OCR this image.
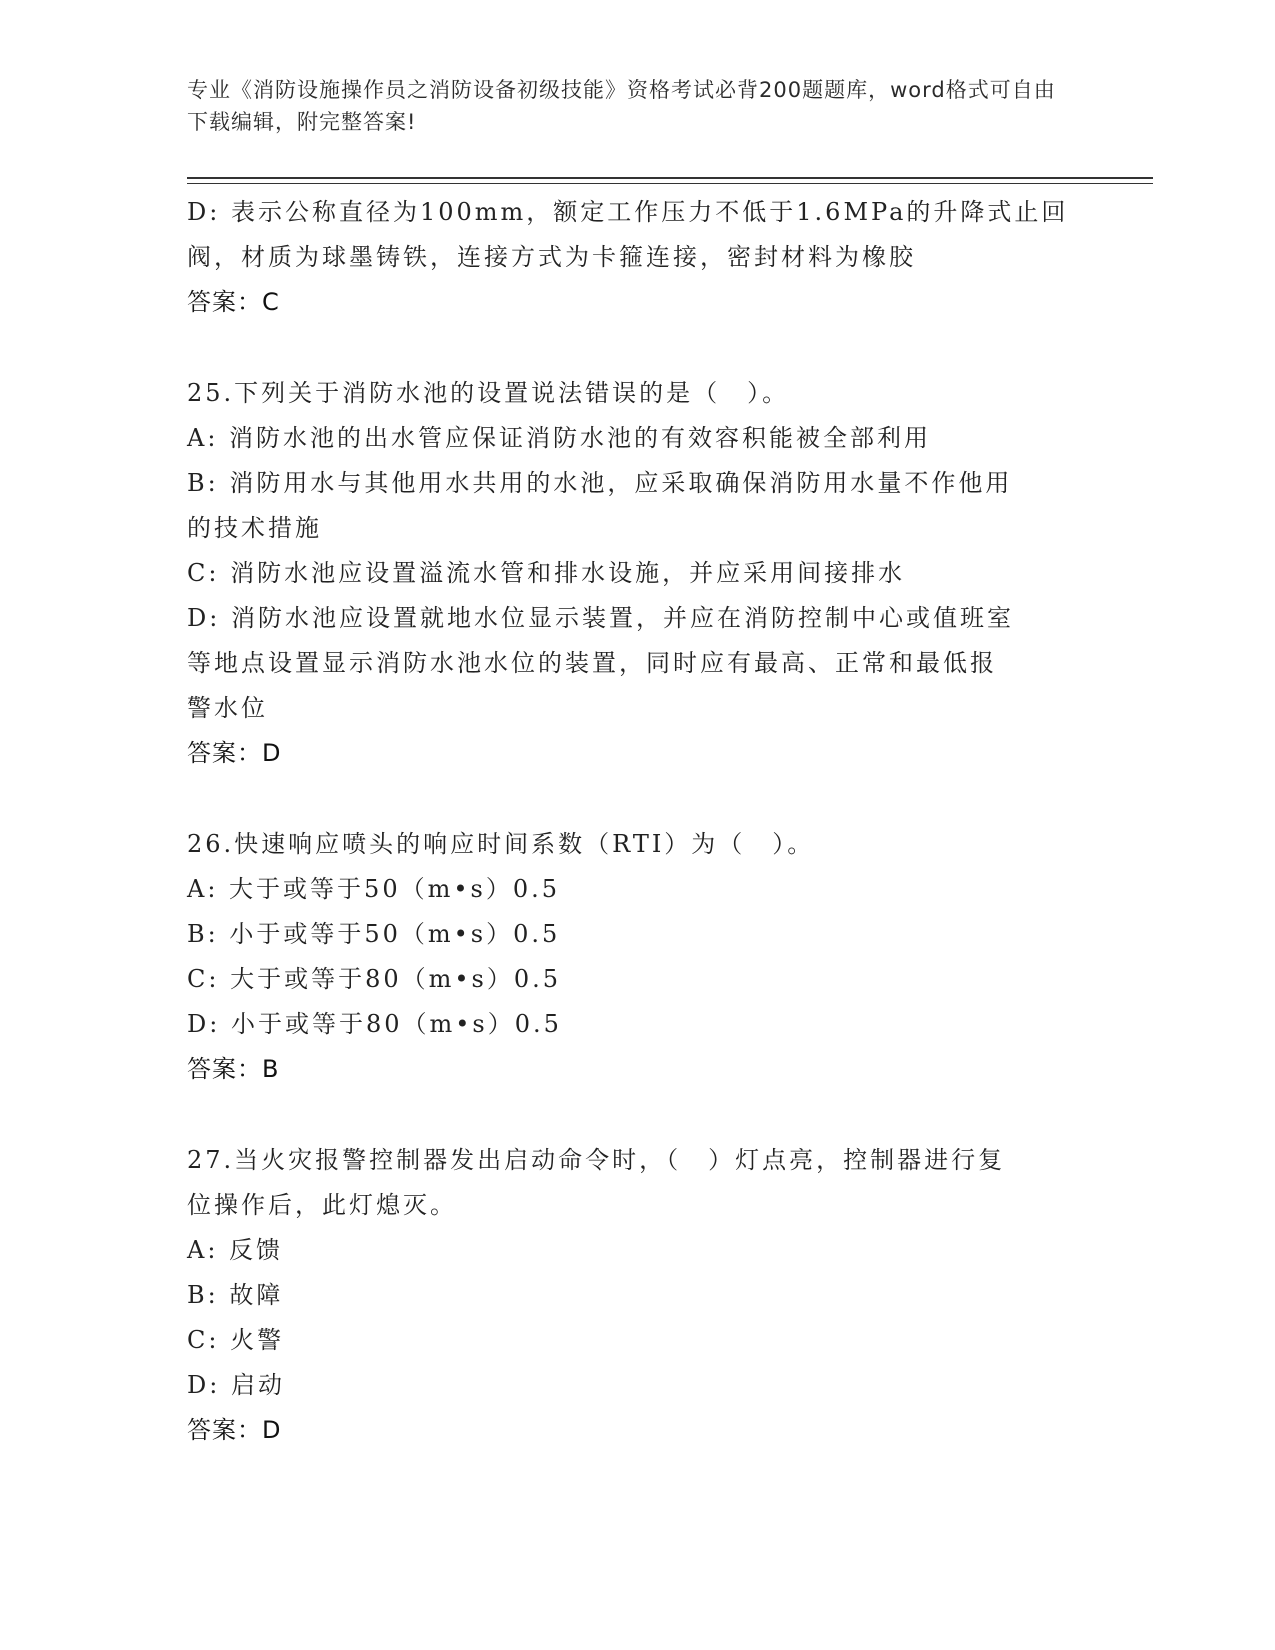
专业《消防设施操作员之消防设备初级技能》资格考试必背200题题库，word格式可自由下载编辑，附完整答案!
D: 表示公称直径为100mm，额定工作压力不低于1.6MPa的升降式止回
阀，材质为球墨铸铁，连接方式为卡箍连接，密封材料为橡胶
答案：C
25.下列关于消防水池的设置说法错误的是（　）。
A: 消防水池的出水管应保证消防水池的有效容积能被全部利用
B: 消防用水与其他用水共用的水池，应采取确保消防用水量不作他用
的技术措施
C: 消防水池应设置溢流水管和排水设施，并应采用间接排水
D: 消防水池应设置就地水位显示装置，并应在消防控制中心或值班室
等地点设置显示消防水池水位的装置，同时应有最高、正常和最低报
警水位
答案：D
26.快速响应喷头的响应时间系数（RTI）为（　）。
A: 大于或等于50（m•s）0.5
B: 小于或等于50（m•s）0.5
C: 大于或等于80（m•s）0.5
D: 小于或等于80（m•s）0.5
答案：B
27.当火灾报警控制器发出启动命令时，（　）灯点亮，控制器进行复
位操作后，此灯熄灭。
A: 反馈
B: 故障
C: 火警
D: 启动
答案：D
